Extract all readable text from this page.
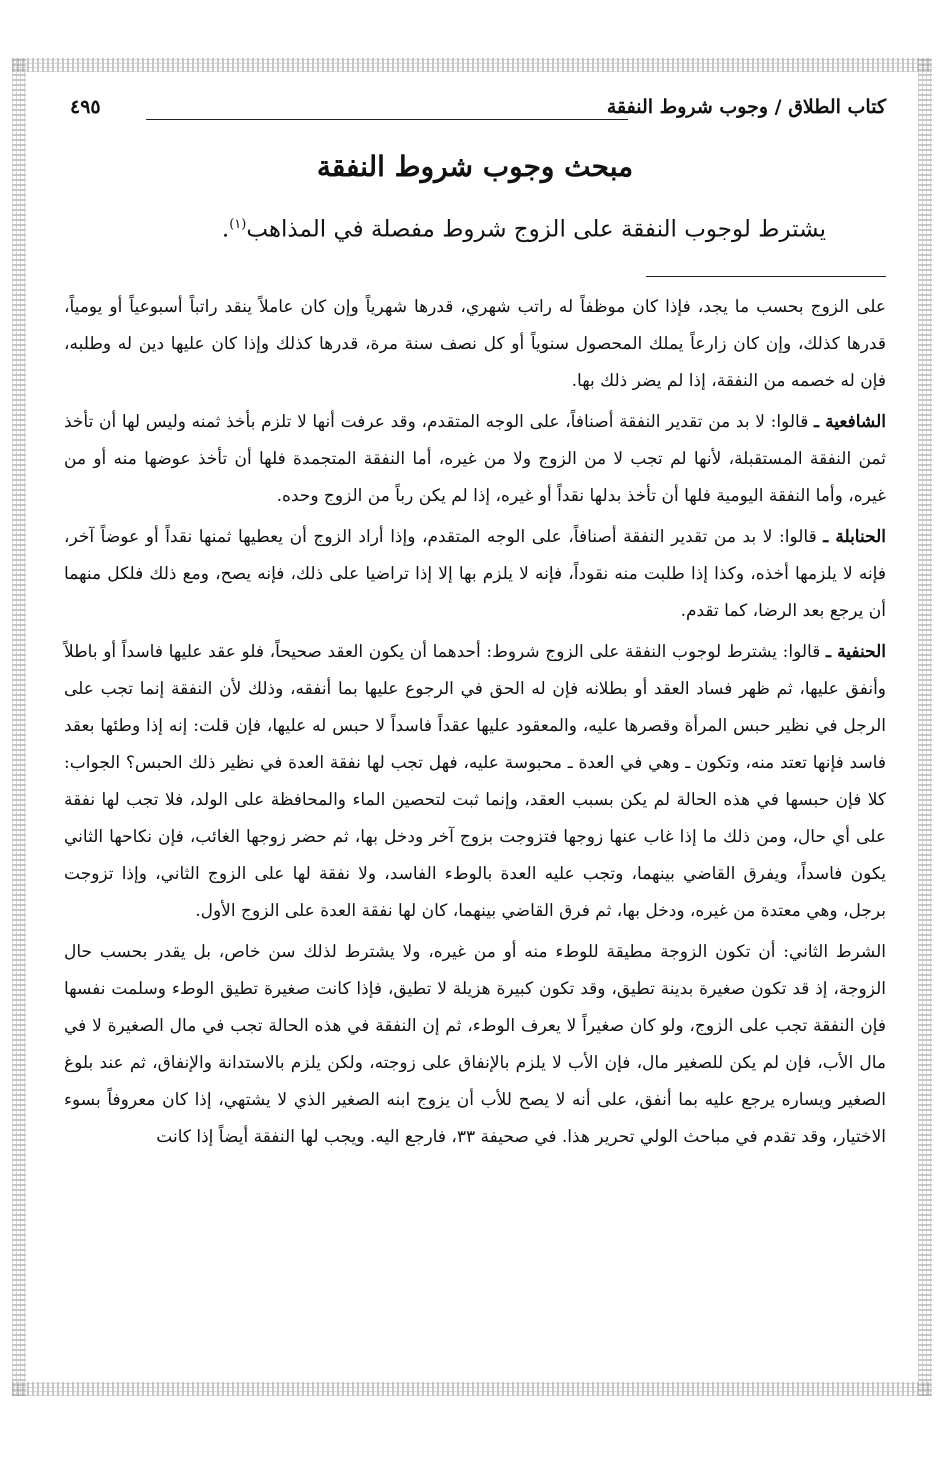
كتاب الطلاق / وجوب شروط النفقة
٤٩٥
مبحث وجوب شروط النفقة
يشترط لوجوب النفقة على الزوج شروط مفصلة في المذاهب$^{(١)}$.

على الزوج بحسب ما يجد، فإذا كان موظفاً له راتب شهري، قدرها شهرياً وإن كان عاملاً ينقد راتباً أسبوعياً أو يومياً، قدرها كذلك، وإن كان زارعاً يملك المحصول سنوياً أو كل نصف سنة مرة، قدرها كذلك وإذا كان عليها دين له وطلبه، فإن له خصمه من النفقة، إذا لم يضر ذلك بها.

الشافعية ـ قالوا: لا بد من تقدير النفقة أصنافاً، على الوجه المتقدم، وقد عرفت أنها لا تلزم بأخذ ثمنه وليس لها أن تأخذ ثمن النفقة المستقبلة، لأنها لم تجب لا من الزوج ولا من غيره، أما النفقة المتجمدة فلها أن تأخذ عوضها منه أو من غيره، وأما النفقة اليومية فلها أن تأخذ بدلها نقداً أو غيره، إذا لم يكن رباً من الزوج وحده.

الحنابلة ـ قالوا: لا بد من تقدير النفقة أصنافاً، على الوجه المتقدم، وإذا أراد الزوج أن يعطيها ثمنها نقداً أو عوضاً آخر، فإنه لا يلزمها أخذه، وكذا إذا طلبت منه نقوداً، فإنه لا يلزم بها إلا إذا تراضيا على ذلك، فإنه يصح، ومع ذلك فلكل منهما أن يرجع بعد الرضا، كما تقدم.

الحنفية ـ قالوا: يشترط لوجوب النفقة على الزوج شروط: أحدهما أن يكون العقد صحيحاً، فلو عقد عليها فاسداً أو باطلاً وأنفق عليها، ثم ظهر فساد العقد أو بطلانه فإن له الحق في الرجوع عليها بما أنفقه، وذلك لأن النفقة إنما تجب على الرجل في نظير حبس المرأة وقصرها عليه، والمعقود عليها عقداً فاسداً لا حبس له عليها، فإن قلت: إنه إذا وطئها بعقد فاسد فإنها تعتد منه، وتكون ـ وهي في العدة ـ محبوسة عليه، فهل تجب لها نفقة العدة في نظير ذلك الحبس؟ الجواب: كلا فإن حبسها في هذه الحالة لم يكن بسبب العقد، وإنما ثبت لتحصين الماء والمحافظة على الولد، فلا تجب لها نفقة على أي حال، ومن ذلك ما إذا غاب عنها زوجها فتزوجت بزوج آخر ودخل بها، ثم حضر زوجها الغائب، فإن نكاحها الثاني يكون فاسداً، ويفرق القاضي بينهما، وتجب عليه العدة بالوطء الفاسد، ولا نفقة لها على الزوج الثاني، وإذا تزوجت برجل، وهي معتدة من غيره، ودخل بها، ثم فرق القاضي بينهما، كان لها نفقة العدة على الزوج الأول.

الشرط الثاني: أن تكون الزوجة مطيقة للوطء منه أو من غيره، ولا يشترط لذلك سن خاص، بل يقدر بحسب حال الزوجة، إذ قد تكون صغيرة بدينة تطيق، وقد تكون كبيرة هزيلة لا تطيق، فإذا كانت صغيرة تطيق الوطء وسلمت نفسها فإن النفقة تجب على الزوج، ولو كان صغيراً لا يعرف الوطء، ثم إن النفقة في هذه الحالة تجب في مال الصغيرة لا في مال الأب، فإن لم يكن للصغير مال، فإن الأب لا يلزم بالإنفاق على زوجته، ولكن يلزم بالاستدانة والإنفاق، ثم عند بلوغ الصغير ويساره يرجع عليه بما أنفق، على أنه لا يصح للأب أن يزوج ابنه الصغير الذي لا يشتهي، إذا كان معروفاً بسوء الاختيار، وقد تقدم في مباحث الولي تحرير هذا. في صحيفة ٣٣، فارجع اليه. ويجب لها النفقة أيضاً إذا كانت
